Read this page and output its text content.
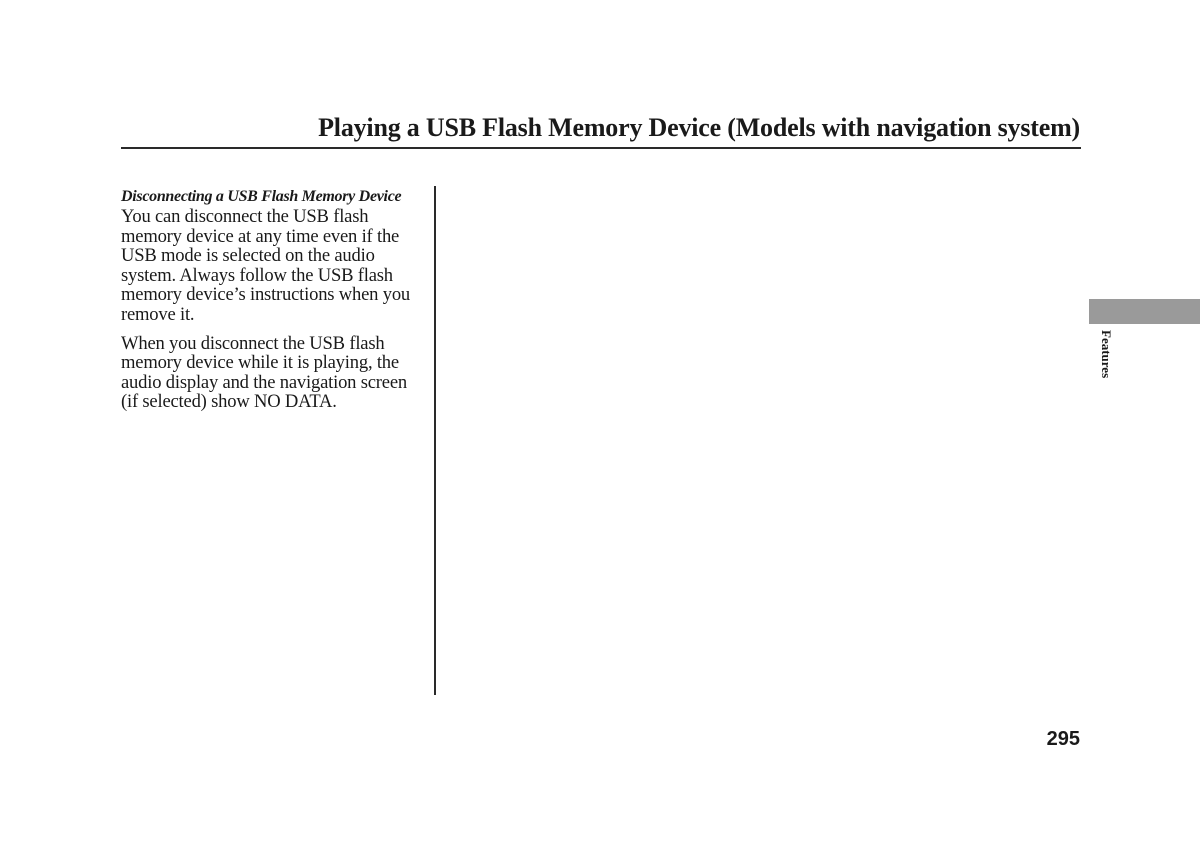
Playing a USB Flash Memory Device (Models with navigation system)
Disconnecting a USB Flash Memory Device

You can disconnect the USB flash memory device at any time even if the USB mode is selected on the audio system. Always follow the USB flash memory device’s instructions when you remove it.

When you disconnect the USB flash memory device while it is playing, the audio display and the navigation screen (if selected) show NO DATA.

Features
295
